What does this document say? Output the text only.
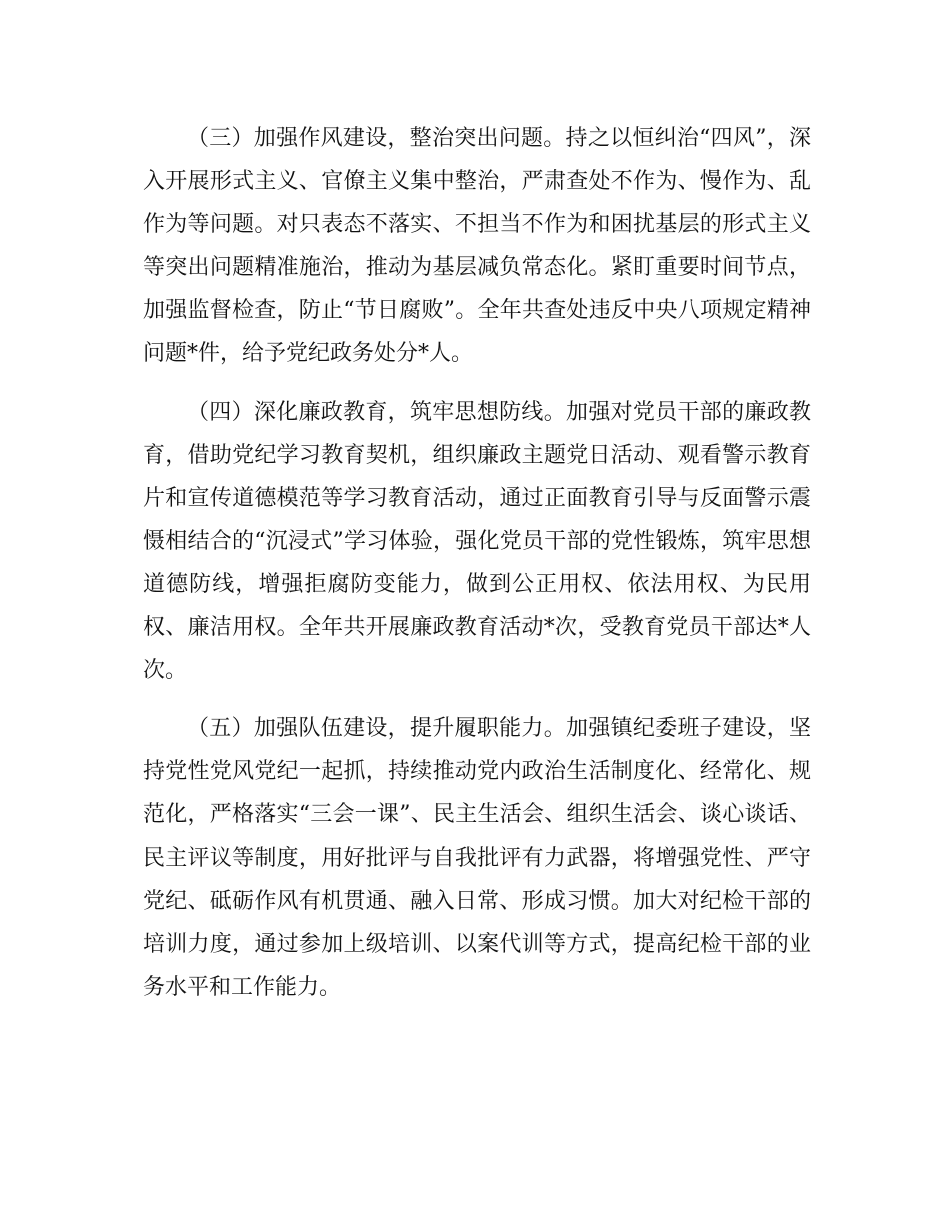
（三）加强作风建设，整治突出问题。持之以恒纠治“四风”，深入开展形式主义、官僚主义集中整治，严肃查处不作为、慢作为、乱作为等问题。对只表态不落实、不担当不作为和困扰基层的形式主义等突出问题精准施治，推动为基层减负常态化。紧盯重要时间节点，加强监督检查，防止“节日腐败”。全年共查处违反中央八项规定精神问题*件，给予党纪政务处分*人。

（四）深化廉政教育，筑牢思想防线。加强对党员干部的廉政教育，借助党纪学习教育契机，组织廉政主题党日活动、观看警示教育片和宣传道德模范等学习教育活动，通过正面教育引导与反面警示震慑相结合的“沉浸式”学习体验，强化党员干部的党性锻炼，筑牢思想道德防线，增强拒腐防变能力，做到公正用权、依法用权、为民用权、廉洁用权。全年共开展廉政教育活动*次，受教育党员干部达*人次。

（五）加强队伍建设，提升履职能力。加强镇纪委班子建设，坚持党性党风党纪一起抓，持续推动党内政治生活制度化、经常化、规范化，严格落实“三会一课”、民主生活会、组织生活会、谈心谈话、民主评议等制度，用好批评与自我批评有力武器，将增强党性、严守党纪、砥砺作风有机贯通、融入日常、形成习惯。加大对纪检干部的培训力度，通过参加上级培训、以案代训等方式，提高纪检干部的业务水平和工作能力。
